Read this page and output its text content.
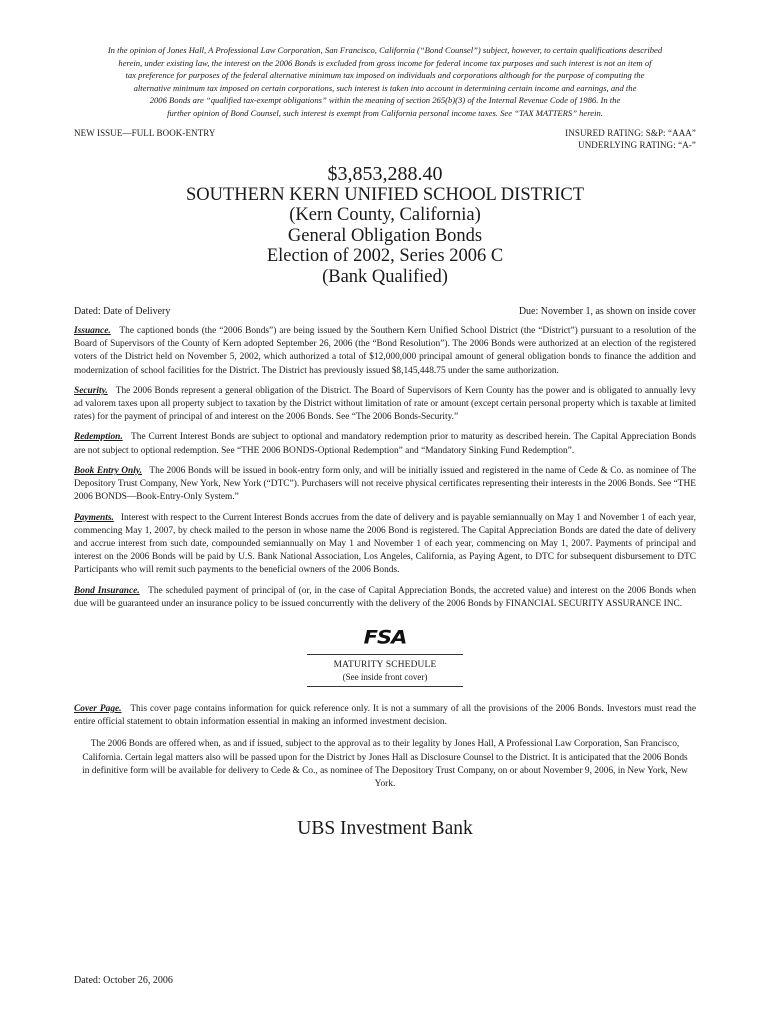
In the opinion of Jones Hall, A Professional Law Corporation, San Francisco, California (“Bond Counsel”) subject, however, to certain qualifications described
herein, under existing law, the interest on the 2006 Bonds is excluded from gross income for federal income tax purposes and such interest is not an item of
tax preference for purposes of the federal alternative minimum tax imposed on individuals and corporations although for the purpose of computing the
alternative minimum tax imposed on certain corporations, such interest is taken into account in determining certain income and earnings, and the
2006 Bonds are “qualified tax-exempt obligations” within the meaning of section 265(b)(3) of the Internal Revenue Code of 1986. In the
further opinion of Bond Counsel, such interest is exempt from California personal income taxes. See “TAX MATTERS” herein.
NEW ISSUE—FULL BOOK-ENTRY	INSURED RATING: S&P: “AAA”
UNDERLYING RATING: “A-”
$3,853,288.40
SOUTHERN KERN UNIFIED SCHOOL DISTRICT
(Kern County, California)
General Obligation Bonds
Election of 2002, Series 2006 C
(Bank Qualified)
Dated: Date of Delivery	Due: November 1, as shown on inside cover

Issuance. The captioned bonds (the “2006 Bonds”) are being issued by the Southern Kern Unified School District (the “District”) pursuant to a resolution of the Board of Supervisors of the County of Kern adopted September 26, 2006 (the “Bond Resolution”). The 2006 Bonds were authorized at an election of the registered voters of the District held on November 5, 2002, which authorized a total of $12,000,000 principal amount of general obligation bonds to finance the addition and modernization of school facilities for the District. The District has previously issued $8,145,448.75 under the same authorization.

Security. The 2006 Bonds represent a general obligation of the District. The Board of Supervisors of Kern County has the power and is obligated to annually levy ad valorem taxes upon all property subject to taxation by the District without limitation of rate or amount (except certain personal property which is taxable at limited rates) for the payment of principal of and interest on the 2006 Bonds. See “The 2006 Bonds-Security.”

Redemption. The Current Interest Bonds are subject to optional and mandatory redemption prior to maturity as described herein. The Capital Appreciation Bonds are not subject to optional redemption. See “THE 2006 BONDS-Optional Redemption” and “Mandatory Sinking Fund Redemption”.

Book Entry Only. The 2006 Bonds will be issued in book-entry form only, and will be initially issued and registered in the name of Cede & Co. as nominee of The Depository Trust Company, New York, New York (“DTC”). Purchasers will not receive physical certificates representing their interests in the 2006 Bonds. See “THE 2006 BONDS—Book-Entry-Only System.”

Payments. Interest with respect to the Current Interest Bonds accrues from the date of delivery and is payable semiannually on May 1 and November 1 of each year, commencing May 1, 2007, by check mailed to the person in whose name the 2006 Bond is registered. The Capital Appreciation Bonds are dated the date of delivery and accrue interest from such date, compounded semiannually on May 1 and November 1 of each year, commencing on May 1, 2007. Payments of principal and interest on the 2006 Bonds will be paid by U.S. Bank National Association, Los Angeles, California, as Paying Agent, to DTC for subsequent disbursement to DTC Participants who will remit such payments to the beneficial owners of the 2006 Bonds.

Bond Insurance. The scheduled payment of principal of (or, in the case of Capital Appreciation Bonds, the accreted value) and interest on the 2006 Bonds when due will be guaranteed under an insurance policy to be issued concurrently with the delivery of the 2006 Bonds by FINANCIAL SECURITY ASSURANCE INC.

FSA
MATURITY SCHEDULE
(See inside front cover)

Cover Page. This cover page contains information for quick reference only. It is not a summary of all the provisions of the 2006 Bonds. Investors must read the entire official statement to obtain information essential in making an informed investment decision.

The 2006 Bonds are offered when, as and if issued, subject to the approval as to their legality by Jones Hall, A Professional Law Corporation, San Francisco, California. Certain legal matters also will be passed upon for the District by Jones Hall as Disclosure Counsel to the District. It is anticipated that the 2006 Bonds in definitive form will be available for delivery to Cede & Co., as nominee of The Depository Trust Company, on or about November 9, 2006, in New York, New York.

UBS Investment Bank
Dated: October 26, 2006
